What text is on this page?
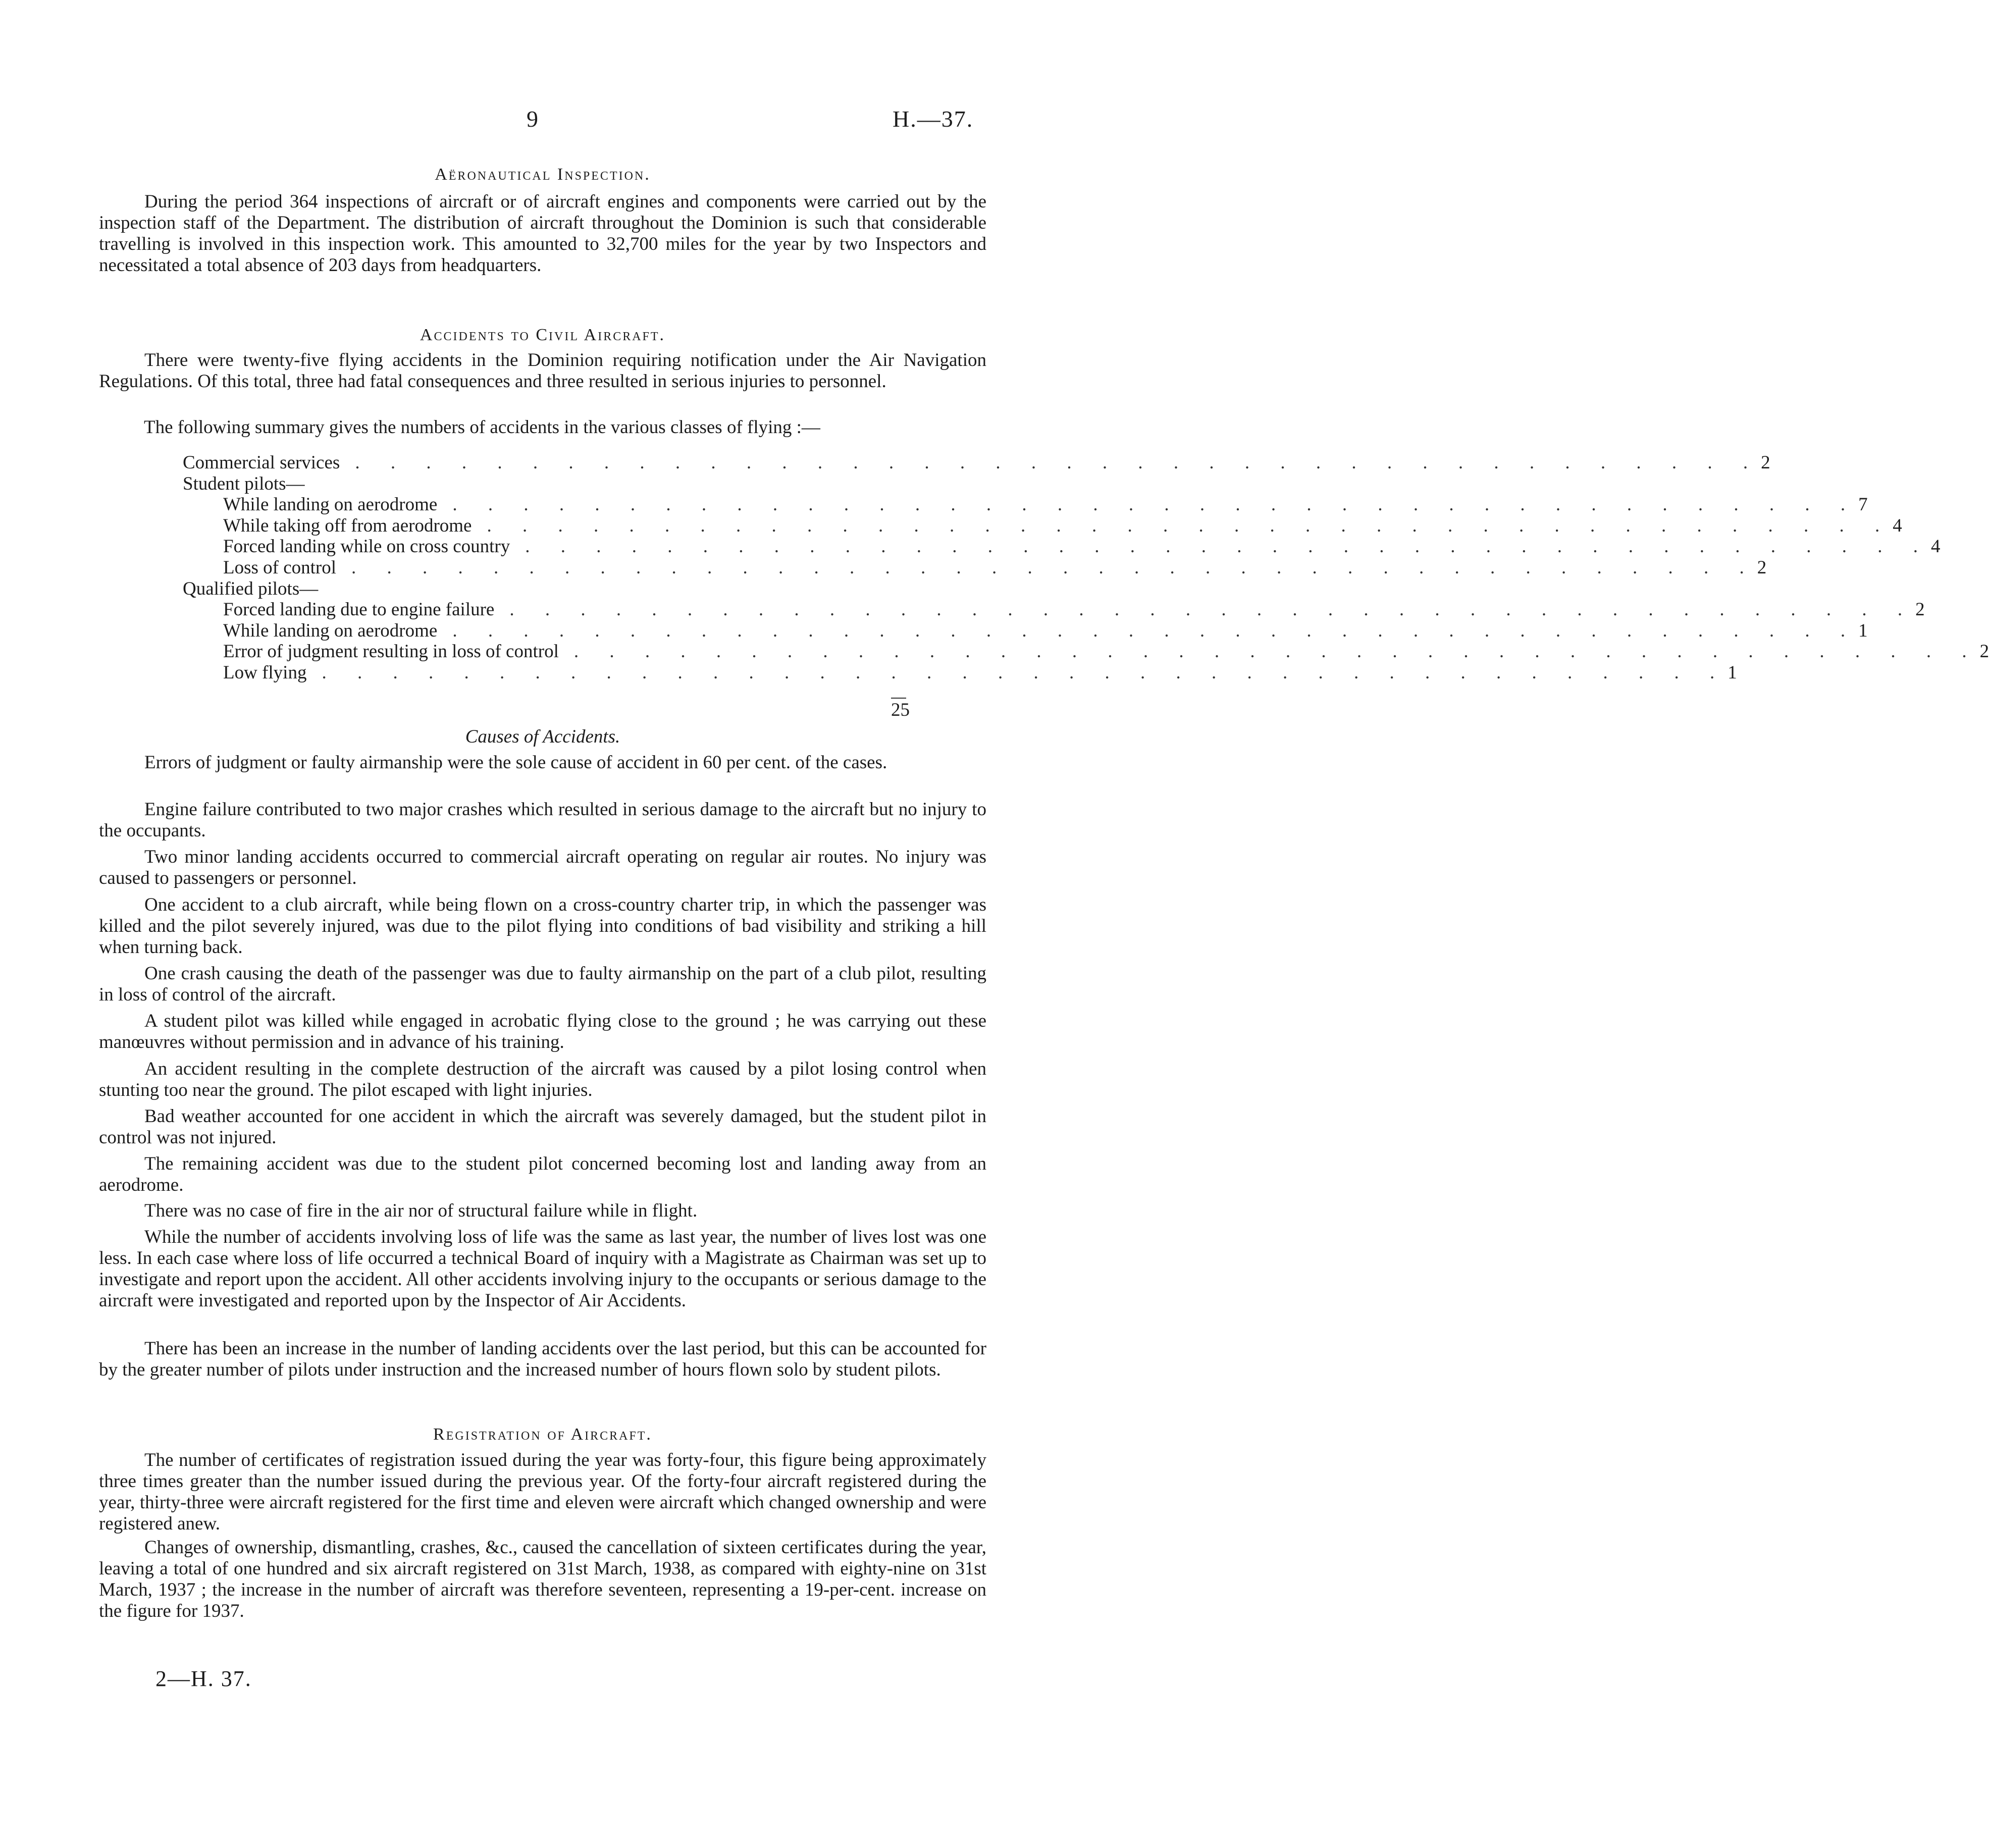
9	H.—37.
Aëronautical Inspection.

During the period 364 inspections of aircraft or of aircraft engines and components were carried out by the inspection staff of the Department. The distribution of aircraft throughout the Dominion is such that considerable travelling is involved in this inspection work. This amounted to 32,700 miles for the year by two Inspectors and necessitated a total absence of 203 days from headquarters.

Accidents to Civil Aircraft.

There were twenty-five flying accidents in the Dominion requiring notification under the Air Navigation Regulations. Of this total, three had fatal consequences and three resulted in serious injuries to personnel.

The following summary gives the numbers of accidents in the various classes of flying :—
Commercial services . . . . . . . . . . . . . . . . . . . . . . . . . . . . . . . . . . . . . . . . 2
Student pilots—
While landing on aerodrome . . . . . . . . . . . . . . . . . . . . . . . . . . . . . . . . . . . . . . . . 7
While taking off from aerodrome . . . . . . . . . . . . . . . . . . . . . . . . . . . . . . . . . . . . . . . . 4
Forced landing while on cross country . . . . . . . . . . . . . . . . . . . . . . . . . . . . . . . . . . . . . . . . 4
Loss of control . . . . . . . . . . . . . . . . . . . . . . . . . . . . . . . . . . . . . . . . 2
Qualified pilots—
Forced landing due to engine failure . . . . . . . . . . . . . . . . . . . . . . . . . . . . . . . . . . . . . . . . 2
While landing on aerodrome . . . . . . . . . . . . . . . . . . . . . . . . . . . . . . . . . . . . . . . . 1
Error of judgment resulting in loss of control . . . . . . . . . . . . . . . . . . . . . . . . . . . . . . . . . . . . . . . . 2
Low flying . . . . . . . . . . . . . . . . . . . . . . . . . . . . . . . . . . . . . . . . 1
25
Causes of Accidents.

Errors of judgment or faulty airmanship were the sole cause of accident in 60 per cent. of the cases.

Engine failure contributed to two major crashes which resulted in serious damage to the aircraft but no injury to the occupants.

Two minor landing accidents occurred to commercial aircraft operating on regular air routes. No injury was caused to passengers or personnel.

One accident to a club aircraft, while being flown on a cross-country charter trip, in which the passenger was killed and the pilot severely injured, was due to the pilot flying into conditions of bad visibility and striking a hill when turning back.

One crash causing the death of the passenger was due to faulty airmanship on the part of a club pilot, resulting in loss of control of the aircraft.

A student pilot was killed while engaged in acrobatic flying close to the ground ; he was carrying out these manœuvres without permission and in advance of his training.

An accident resulting in the complete destruction of the aircraft was caused by a pilot losing control when stunting too near the ground. The pilot escaped with light injuries.

Bad weather accounted for one accident in which the aircraft was severely damaged, but the student pilot in control was not injured.

The remaining accident was due to the student pilot concerned becoming lost and landing away from an aerodrome.

There was no case of fire in the air nor of structural failure while in flight.

While the number of accidents involving loss of life was the same as last year, the number of lives lost was one less. In each case where loss of life occurred a technical Board of inquiry with a Magistrate as Chairman was set up to investigate and report upon the accident. All other accidents involving injury to the occupants or serious damage to the aircraft were investigated and reported upon by the Inspector of Air Accidents.

There has been an increase in the number of landing accidents over the last period, but this can be accounted for by the greater number of pilots under instruction and the increased number of hours flown solo by student pilots.

Registration of Aircraft.

The number of certificates of registration issued during the year was forty-four, this figure being approximately three times greater than the number issued during the previous year. Of the forty-four aircraft registered during the year, thirty-three were aircraft registered for the first time and eleven were aircraft which changed ownership and were registered anew.

Changes of ownership, dismantling, crashes, &c., caused the cancellation of sixteen certificates during the year, leaving a total of one hundred and six aircraft registered on 31st March, 1938, as compared with eighty-nine on 31st March, 1937 ; the increase in the number of aircraft was therefore seventeen, representing a 19-per-cent. increase on the figure for 1937.

2—H. 37.
